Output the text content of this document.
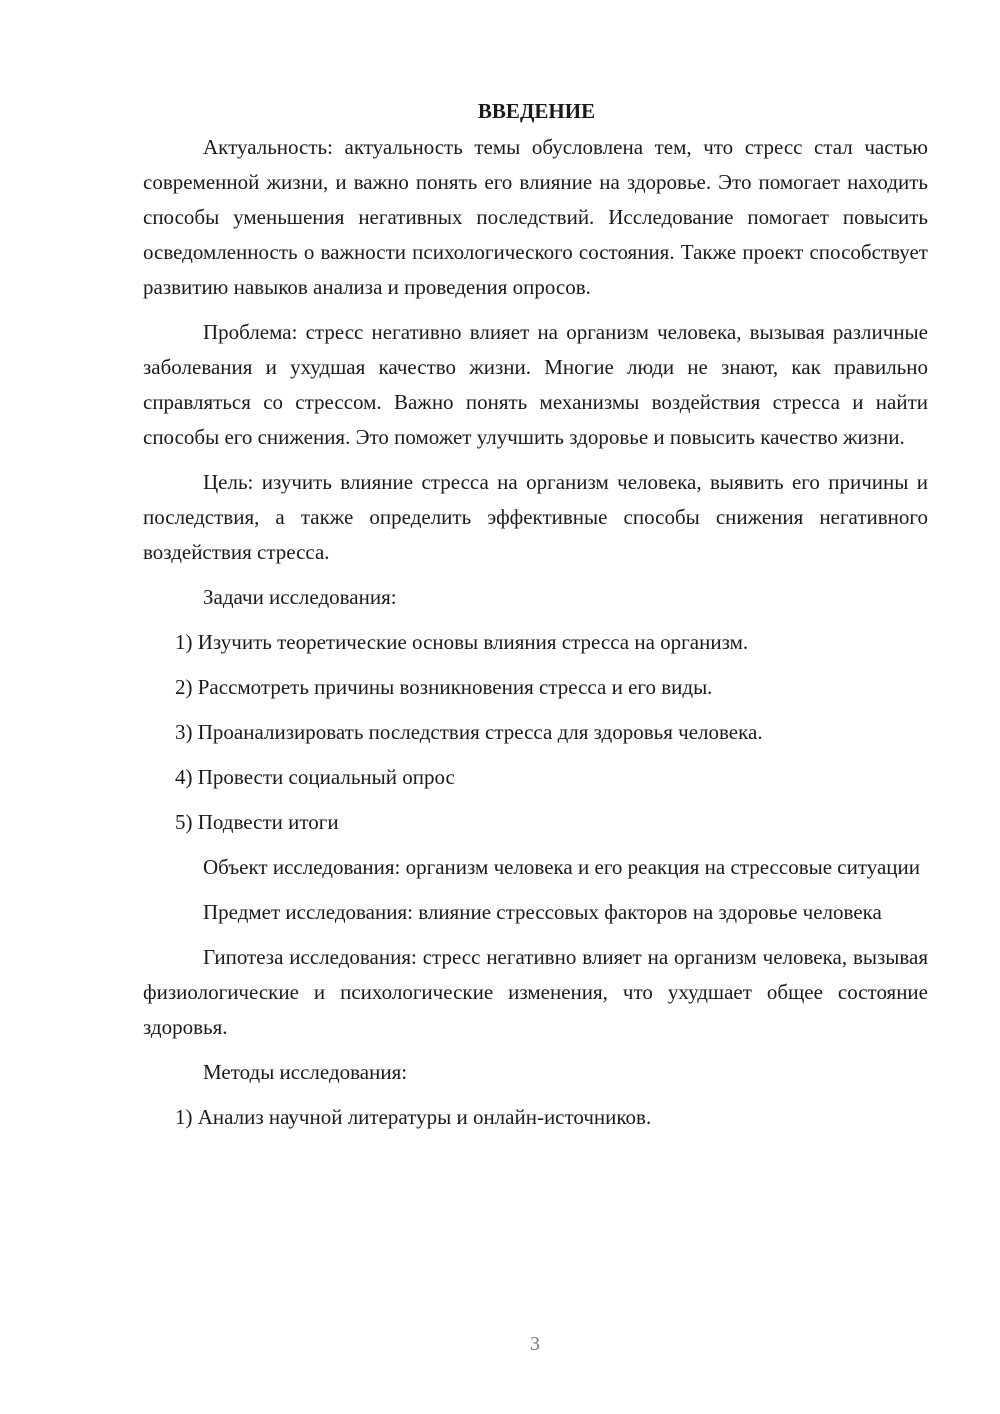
ВВЕДЕНИЕ

Актуальность: актуальность темы обусловлена тем, что стресс стал частью современной жизни, и важно понять его влияние на здоровье. Это помогает находить способы уменьшения негативных последствий. Исследование помогает повысить осведомленность о важности психологического состояния. Также проект способствует развитию навыков анализа и проведения опросов.

Проблема: стресс негативно влияет на организм человека, вызывая различные заболевания и ухудшая качество жизни. Многие люди не знают, как правильно справляться со стрессом. Важно понять механизмы воздействия стресса и найти способы его снижения. Это поможет улучшить здоровье и повысить качество жизни.

Цель: изучить влияние стресса на организм человека, выявить его причины и последствия, а также определить эффективные способы снижения негативного воздействия стресса.

Задачи исследования:
1) Изучить теоретические основы влияния стресса на организм.
2) Рассмотреть причины возникновения стресса и его виды.
3) Проанализировать последствия стресса для здоровья человека.
4) Провести социальный опрос
5) Подвести итоги

Объект исследования: организм человека и его реакция на стрессовые ситуации

Предмет исследования: влияние стрессовых факторов на здоровье человека

Гипотеза исследования: стресс негативно влияет на организм человека, вызывая физиологические и психологические изменения, что ухудшает общее состояние здоровья.

Методы исследования:
1) Анализ научной литературы и онлайн-источников.
3
